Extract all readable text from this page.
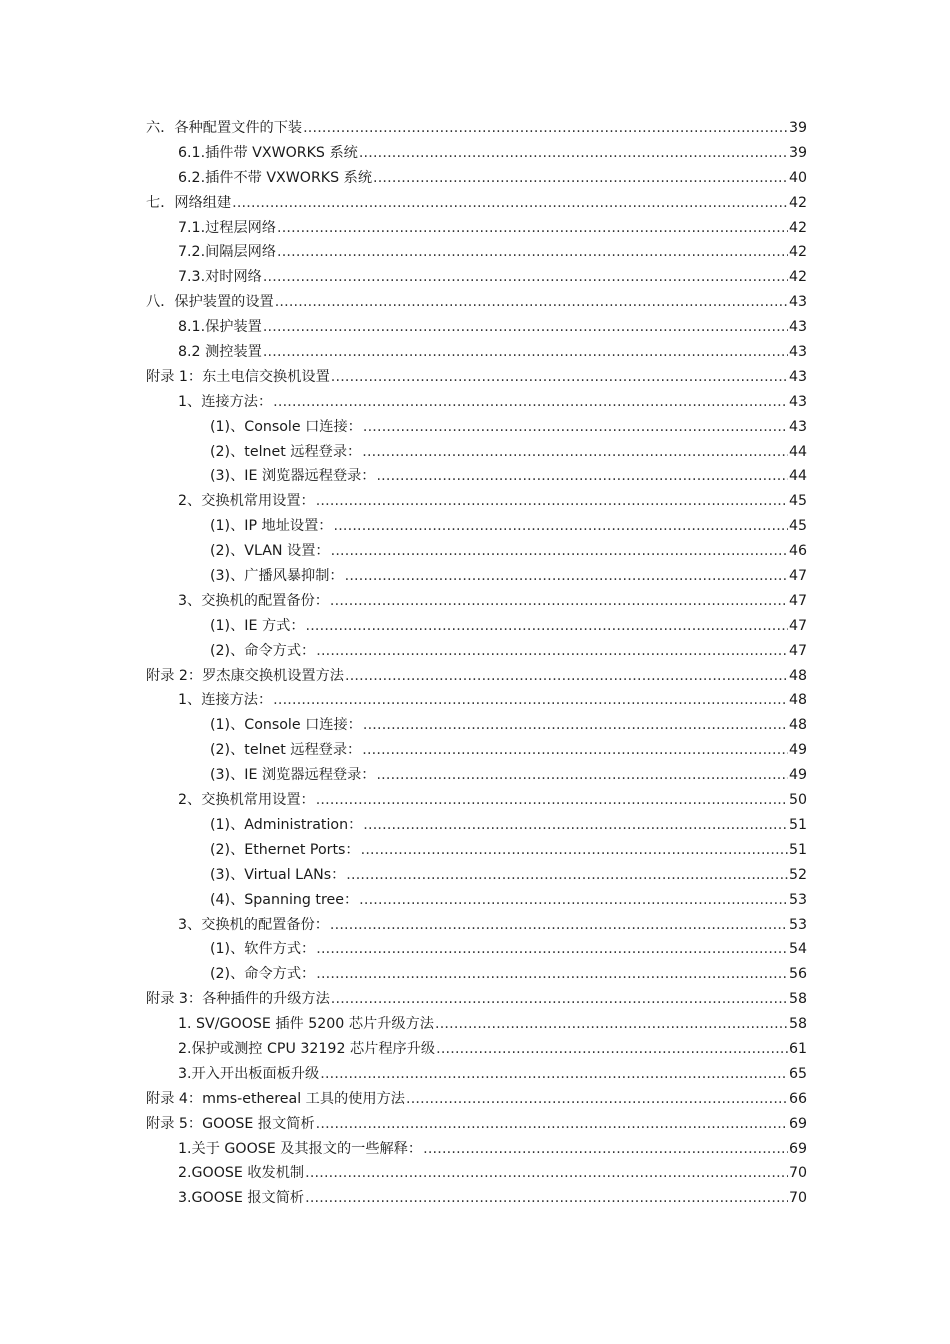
六．各种配置文件的下装 .....	39
6.1.插件带 VXWORKS 系统 .....	39
6.2.插件不带 VXWORKS 系统 .....	40
七．网络组建 .....	42
7.1.过程层网络 .....	42
7.2.间隔层网络 .....	42
7.3.对时网络 .....	42
八．保护装置的设置 .....	43
8.1.保护装置 .....	43
8.2 测控装置 .....	43
附录 1：东土电信交换机设置 .....	43
1、连接方法： .....	43
(1)、Console 口连接： .....	43
(2)、telnet 远程登录： .....	44
(3)、IE 浏览器远程登录： .....	44
2、交换机常用设置： .....	45
(1)、IP 地址设置： .....	45
(2)、VLAN 设置： .....	46
(3)、广播风暴抑制： .....	47
3、交换机的配置备份： .....	47
(1)、IE 方式： .....	47
(2)、命令方式： .....	47
附录 2：罗杰康交换机设置方法 .....	48
1、连接方法： .....	48
(1)、Console 口连接： .....	48
(2)、telnet 远程登录： .....	49
(3)、IE 浏览器远程登录： .....	49
2、交换机常用设置： .....	50
(1)、Administration： .....	51
(2)、Ethernet Ports： .....	51
(3)、Virtual LANs： .....	52
(4)、Spanning tree： .....	53
3、交换机的配置备份： .....	53
(1)、软件方式： .....	54
(2)、命令方式： .....	56
附录 3：各种插件的升级方法 .....	58
1. SV/GOOSE 插件 5200 芯片升级方法 .....	58
2.保护或测控 CPU 32192 芯片程序升级 .....	61
3.开入开出板面板升级 .....	65
附录 4：mms-ethereal 工具的使用方法 .....	66
附录 5：GOOSE 报文简析 .....	69
1.关于 GOOSE 及其报文的一些解释： .....	69
2.GOOSE 收发机制 .....	70
3.GOOSE 报文简析 .....	70
